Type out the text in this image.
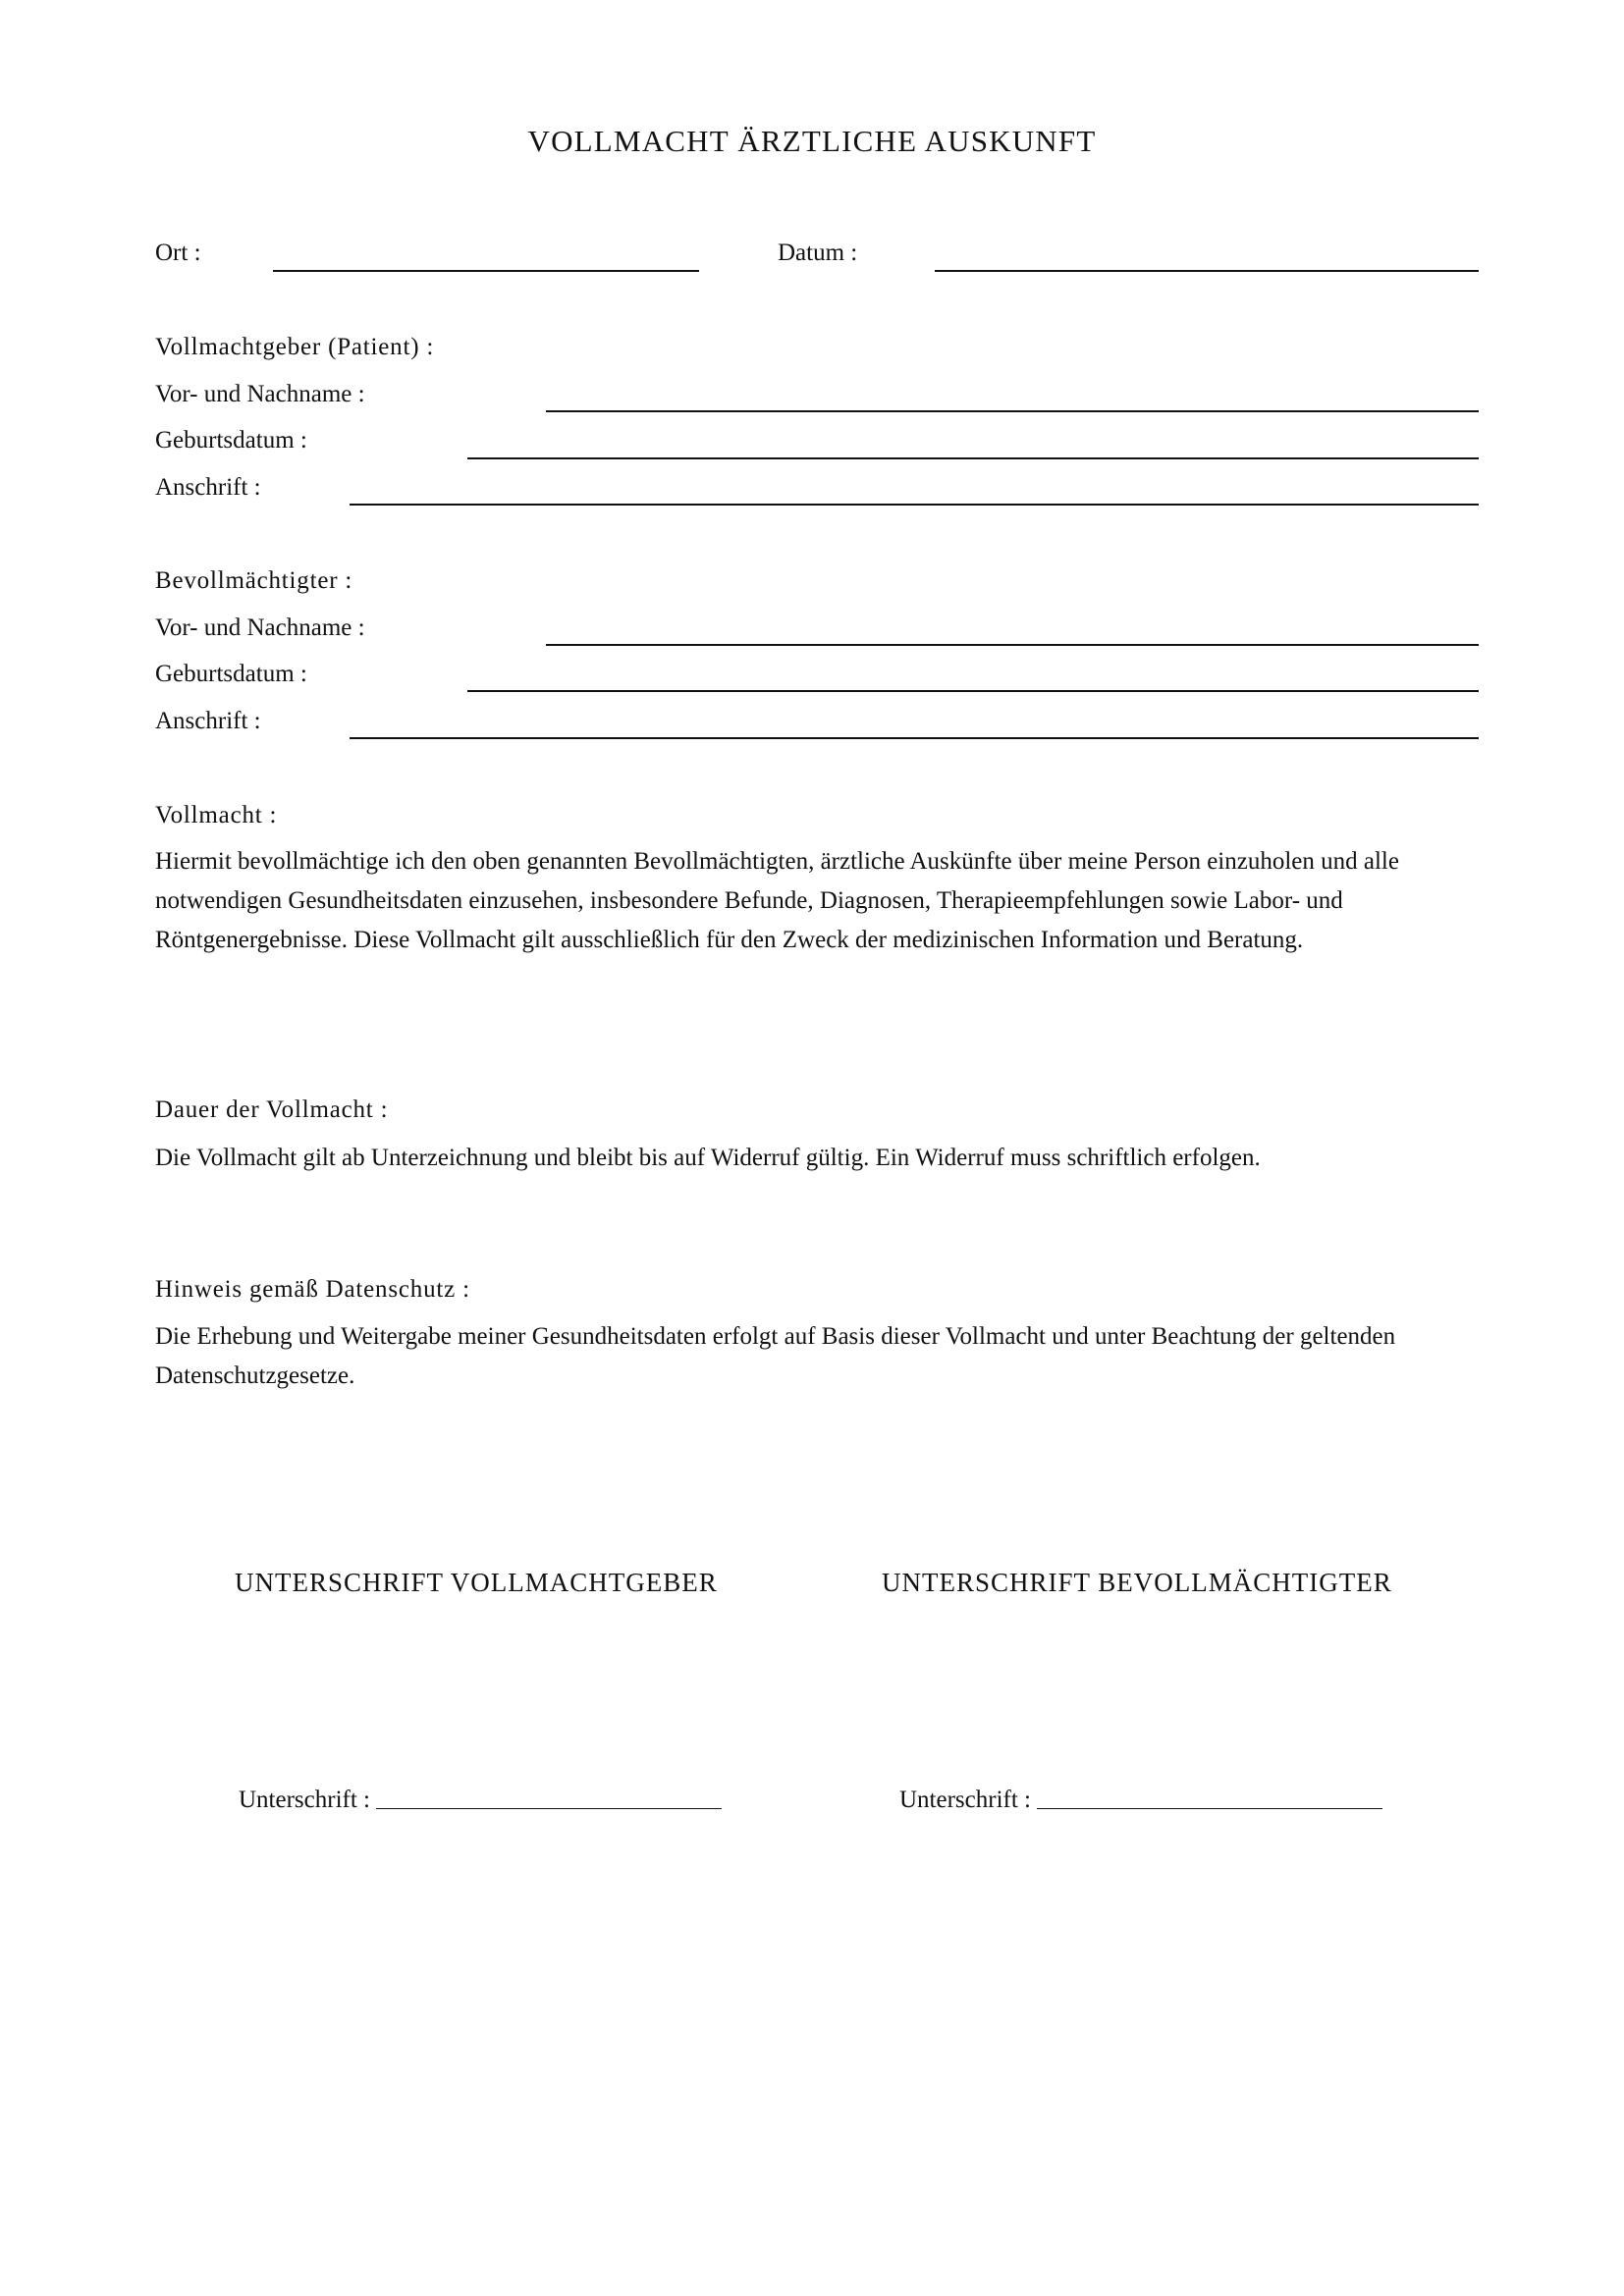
VOLLMACHT ÄRZTLICHE AUSKUNFT
Ort :	Datum :
Vollmachtgeber (Patient) :
Vor- und Nachname :
Geburtsdatum :
Anschrift :
Bevollmächtigter :
Vor- und Nachname :
Geburtsdatum :
Anschrift :
Vollmacht :
Hiermit bevollmächtige ich den oben genannten Bevollmächtigten, ärztliche Auskünfte über meine Person einzuholen und alle notwendigen Gesundheitsdaten einzusehen, insbesondere Befunde, Diagnosen, Therapieempfehlungen sowie Labor- und Röntgenergebnisse. Diese Vollmacht gilt ausschließlich für den Zweck der medizinischen Information und Beratung.
Dauer der Vollmacht :
Die Vollmacht gilt ab Unterzeichnung und bleibt bis auf Widerruf gültig. Ein Widerruf muss schriftlich erfolgen.
Hinweis gemäß Datenschutz :
Die Erhebung und Weitergabe meiner Gesundheitsdaten erfolgt auf Basis dieser Vollmacht und unter Beachtung der geltenden Datenschutzgesetze.
UNTERSCHRIFT VOLLMACHTGEBER	UNTERSCHRIFT BEVOLLMÄCHTIGTER
Unterschrift :	Unterschrift :
